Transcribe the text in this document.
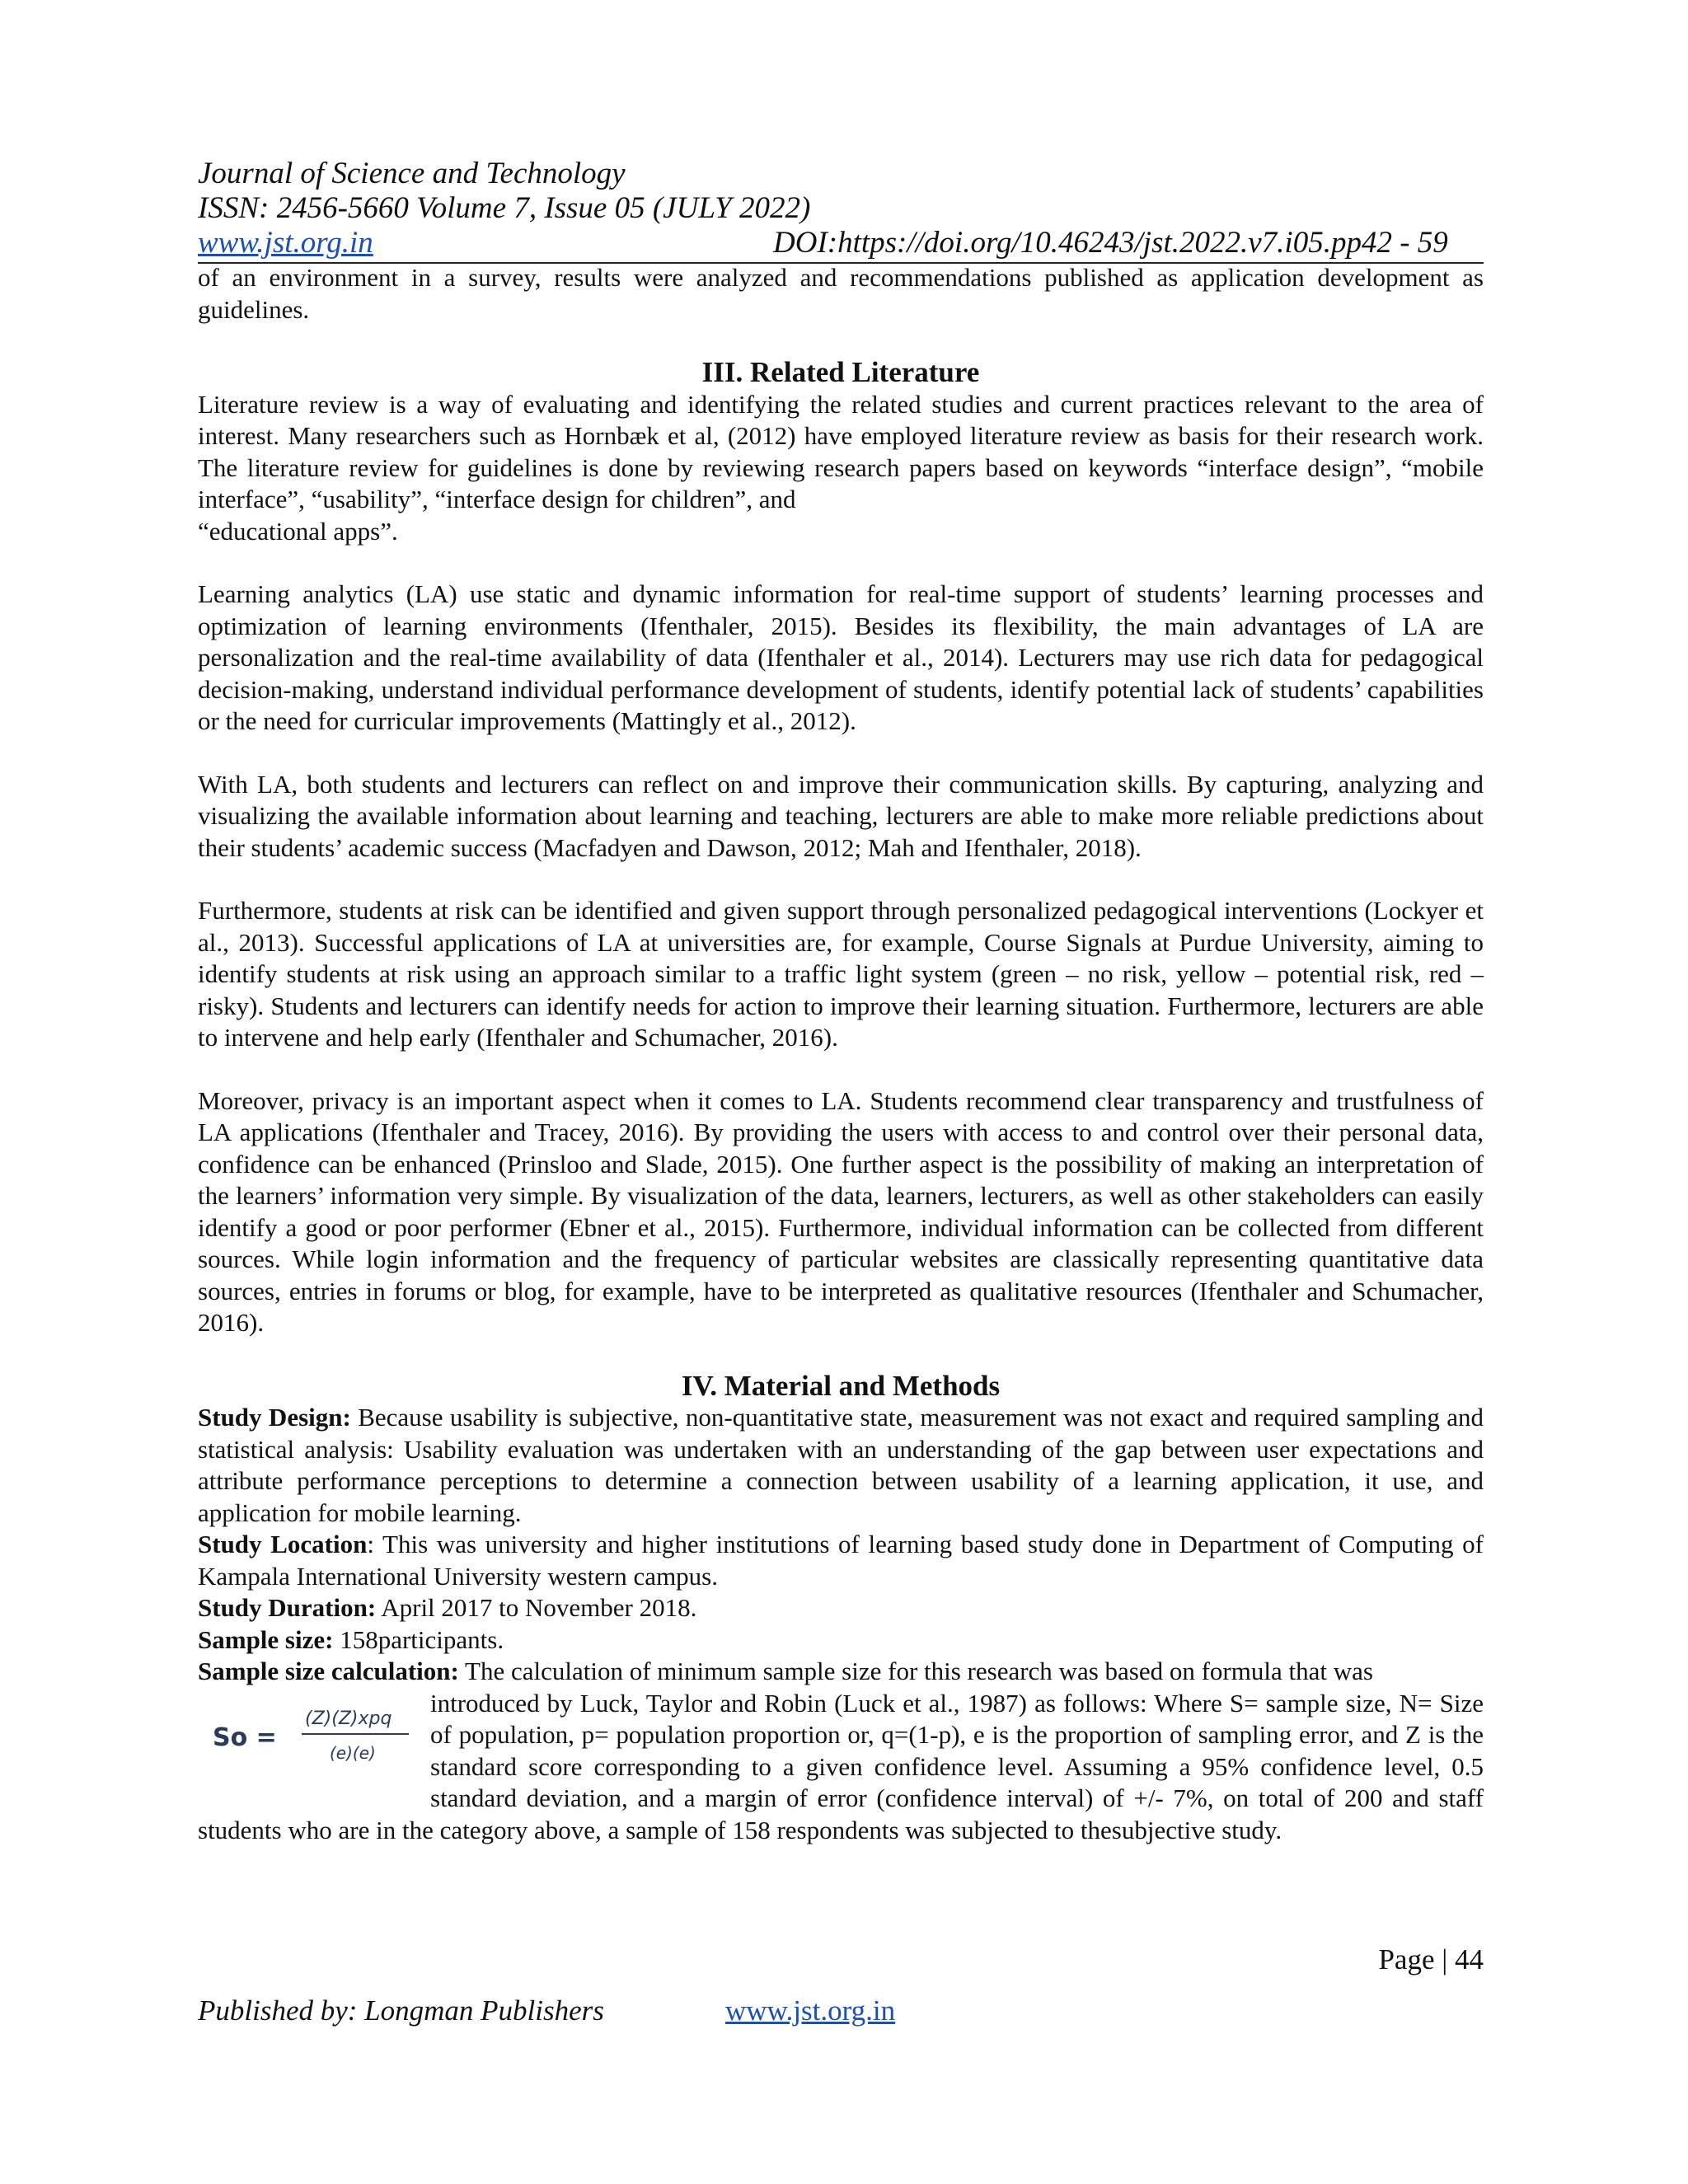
Journal of Science and Technology
ISSN: 2456-5660 Volume 7, Issue 05 (JULY 2022)
www.jst.org.in	DOI:https://doi.org/10.46243/jst.2022.v7.i05.pp42 - 59

of an environment in a survey, results were analyzed and recommendations published as application development as guidelines.

III. Related Literature

Literature review is a way of evaluating and identifying the related studies and current practices relevant to the area of interest. Many researchers such as Hornbæk et al, (2012) have employed literature review as basis for their research work. The literature review for guidelines is done by reviewing research papers based on keywords “interface design”, “mobile interface”, “usability”, “interface design for children”, and
“educational apps”.

Learning analytics (LA) use static and dynamic information for real-time support of students’ learning processes and optimization of learning environments (Ifenthaler, 2015). Besides its flexibility, the main advantages of LA are personalization and the real-time availability of data (Ifenthaler et al., 2014). Lecturers may use rich data for pedagogical decision-making, understand individual performance development of students, identify potential lack of students’ capabilities or the need for curricular improvements (Mattingly et al., 2012).

With LA, both students and lecturers can reflect on and improve their communication skills. By capturing, analyzing and visualizing the available information about learning and teaching, lecturers are able to make more reliable predictions about their students’ academic success (Macfadyen and Dawson, 2012; Mah and Ifenthaler, 2018).

Furthermore, students at risk can be identified and given support through personalized pedagogical interventions (Lockyer et al., 2013). Successful applications of LA at universities are, for example, Course Signals at Purdue University, aiming to identify students at risk using an approach similar to a traffic light system (green – no risk, yellow – potential risk, red – risky). Students and lecturers can identify needs for action to improve their learning situation. Furthermore, lecturers are able to intervene and help early (Ifenthaler and Schumacher, 2016).

Moreover, privacy is an important aspect when it comes to LA. Students recommend clear transparency and trustfulness of LA applications (Ifenthaler and Tracey, 2016). By providing the users with access to and control over their personal data, confidence can be enhanced (Prinsloo and Slade, 2015). One further aspect is the possibility of making an interpretation of the learners’ information very simple. By visualization of the data, learners, lecturers, as well as other stakeholders can easily identify a good or poor performer (Ebner et al., 2015). Furthermore, individual information can be collected from different sources. While login information and the frequency of particular websites are classically representing quantitative data sources, entries in forums or blog, for example, have to be interpreted as qualitative resources (Ifenthaler and Schumacher, 2016).

IV. Material and Methods

Study Design: Because usability is subjective, non-quantitative state, measurement was not exact and required sampling and statistical analysis: Usability evaluation was undertaken with an understanding of the gap between user expectations and attribute performance perceptions to determine a connection between usability of a learning application, it use, and application for mobile learning.

Study Location: This was university and higher institutions of learning based study done in Department of Computing of Kampala International University western campus.

Study Duration: April 2017 to November 2018.

Sample size: 158participants.

Sample size calculation: The calculation of minimum sample size for this research was based on formula that was

So =
(Z)(Z)xpq
(e)(e)

introduced by Luck, Taylor and Robin (Luck et al., 1987) as follows: Where S= sample size, N= Size of population, p= population proportion or, q=(1-p), e is the proportion of sampling error, and Z is the standard score corresponding to a given confidence level. Assuming a 95% confidence level, 0.5 standard deviation, and a margin of error (confidence interval) of +/- 7%, on total of 200 and staff students who are in the category above, a sample of 158 respondents was subjected to thesubjective study.

Page | 44
Published by: Longman Publishers	www.jst.org.in
